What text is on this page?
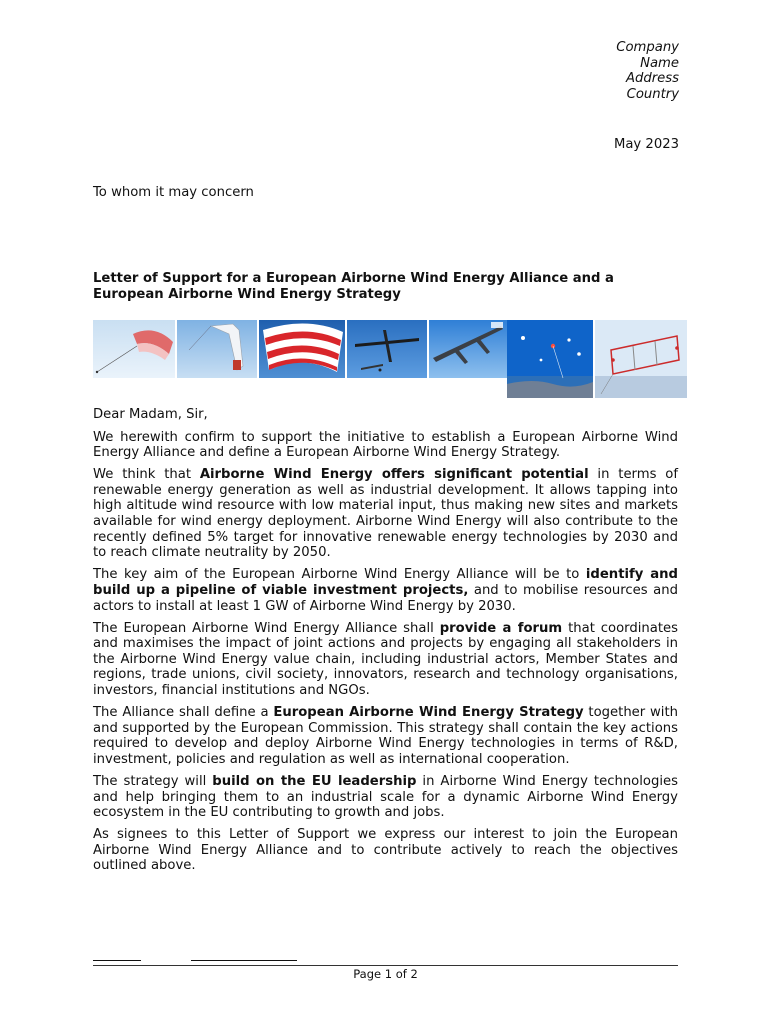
Company
Name
Address
Country
May 2023
To whom it may concern
Letter of Support for a European Airborne Wind Energy Alliance and a European Airborne Wind Energy Strategy

Dear Madam, Sir,

We herewith confirm to support the initiative to establish a European Airborne Wind Energy Alliance and define a European Airborne Wind Energy Strategy.

We think that Airborne Wind Energy offers significant potential in terms of renewable energy generation as well as industrial development. It allows tapping into high altitude wind resource with low material input, thus making new sites and markets available for wind energy deployment. Airborne Wind Energy will also contribute to the recently defined 5% target for innovative renewable energy technologies by 2030 and to reach climate neutrality by 2050.

The key aim of the European Airborne Wind Energy Alliance will be to identify and build up a pipeline of viable investment projects, and to mobilise resources and actors to install at least 1 GW of Airborne Wind Energy by 2030.

The European Airborne Wind Energy Alliance shall provide a forum that coordinates and maximises the impact of joint actions and projects by engaging all stakeholders in the Airborne Wind Energy value chain, including industrial actors, Member States and regions, trade unions, civil society, innovators, research and technology organisations, investors, financial institutions and NGOs.

The Alliance shall define a European Airborne Wind Energy Strategy together with and supported by the European Commission. This strategy shall contain the key actions required to develop and deploy Airborne Wind Energy technologies in terms of R&D, investment, policies and regulation as well as international cooperation.

The strategy will build on the EU leadership in Airborne Wind Energy technologies and help bringing them to an industrial scale for a dynamic Airborne Wind Energy ecosystem in the EU contributing to growth and jobs.

As signees to this Letter of Support we express our interest to join the European Airborne Wind Energy Alliance and to contribute actively to reach the objectives outlined above.

Page 1 of 2
